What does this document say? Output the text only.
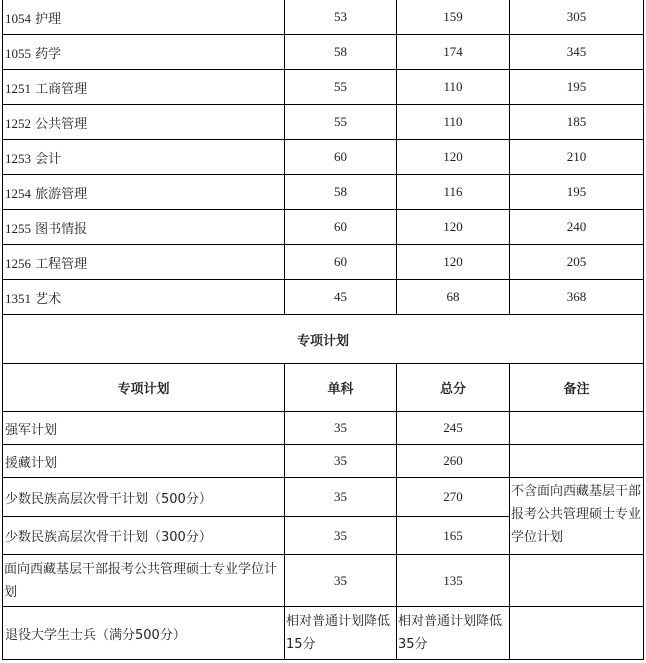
1054 护理	53	159	305
1055 药学	58	174	345
1251 工商管理	55	110	195
1252 公共管理	55	110	185
1253 会计	60	120	210
1254 旅游管理	58	116	195
1255 图书情报	60	120	240
1256 工程管理	60	120	205
1351 艺术	45	68	368
专项计划			
专项计划	单科	总分	备注
强军计划	35	245	
援藏计划	35	260	
少数民族高层次骨干计划（500分）	35	270	不含面向西藏基层干部报考公共管理硕士专业学位计划
少数民族高层次骨干计划（300分）	35	165	
面向西藏基层干部报考公共管理硕士专业学位计划	35	135	
退役大学生士兵（满分500分）	相对普通计划降低15分	相对普通计划降低35分	
